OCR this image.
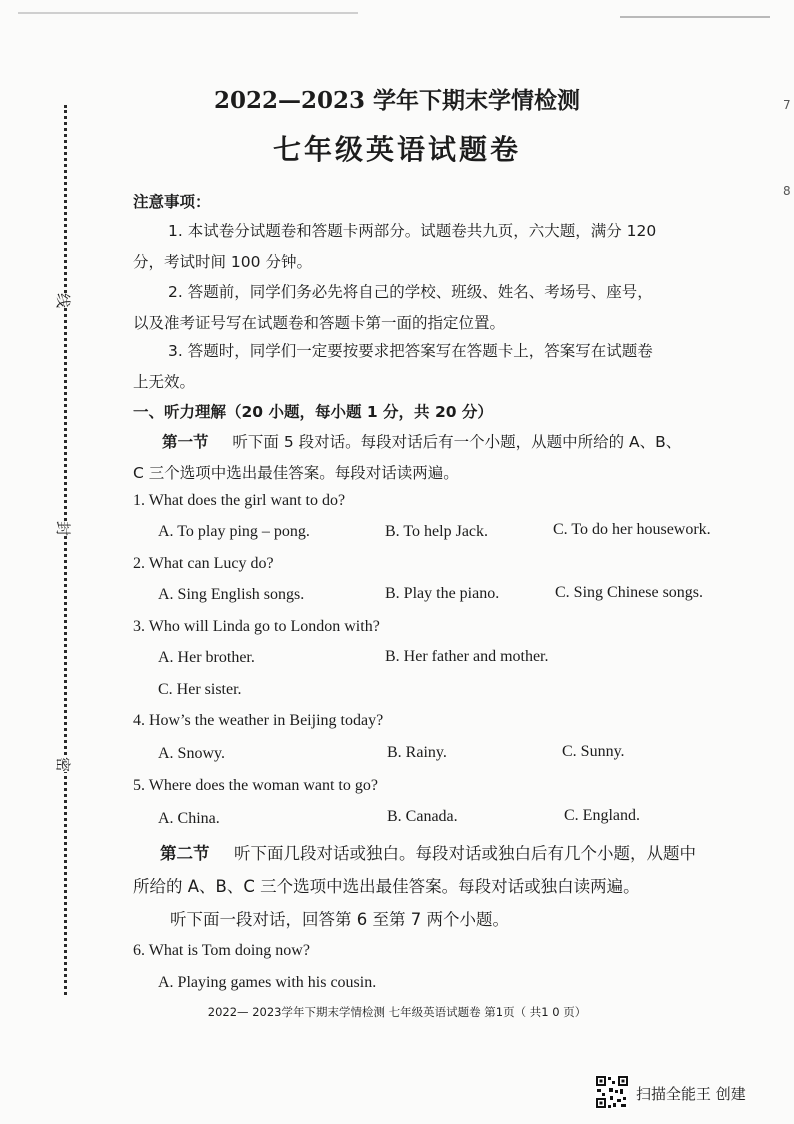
7
8
线
封
密
2022—2023 学年下期末学情检测
七年级英语试题卷
注意事项：
1. 本试卷分试题卷和答题卡两部分。试题卷共九页，六大题，满分 120
分，考试时间 100 分钟。
2. 答题前，同学们务必先将自己的学校、班级、姓名、考场号、座号，
以及准考证号写在试题卷和答题卡第一面的指定位置。
3. 答题时，同学们一定要按要求把答案写在答题卡上，答案写在试题卷
上无效。
一、听力理解（20 小题，每小题 1 分，共 20 分）
第一节 听下面 5 段对话。每段对话后有一个小题，从题中所给的 A、B、
C 三个选项中选出最佳答案。每段对话读两遍。
1. What does the girl want to do?
A. To play ping – pong.	B. To help Jack.	C. To do her housework.
2. What can Lucy do?
A. Sing English songs.	B. Play the piano.	C. Sing Chinese songs.
3. Who will Linda go to London with?
A. Her brother.	B. Her father and mother.
C. Her sister.
4. How’s the weather in Beijing today?
A. Snowy.	B. Rainy.	C. Sunny.
5. Where does the woman want to go?
A. China.	B. Canada.	C. England.
第二节 听下面几段对话或独白。每段对话或独白后有几个小题，从题中
所给的 A、B、C 三个选项中选出最佳答案。每段对话或独白读两遍。
听下面一段对话，回答第 6 至第 7 两个小题。
6. What is Tom doing now?
A. Playing games with his cousin.
2022— 2023学年下期末学情检测 七年级英语试题卷 第1页（ 共1 0 页）
扫描全能王 创建
